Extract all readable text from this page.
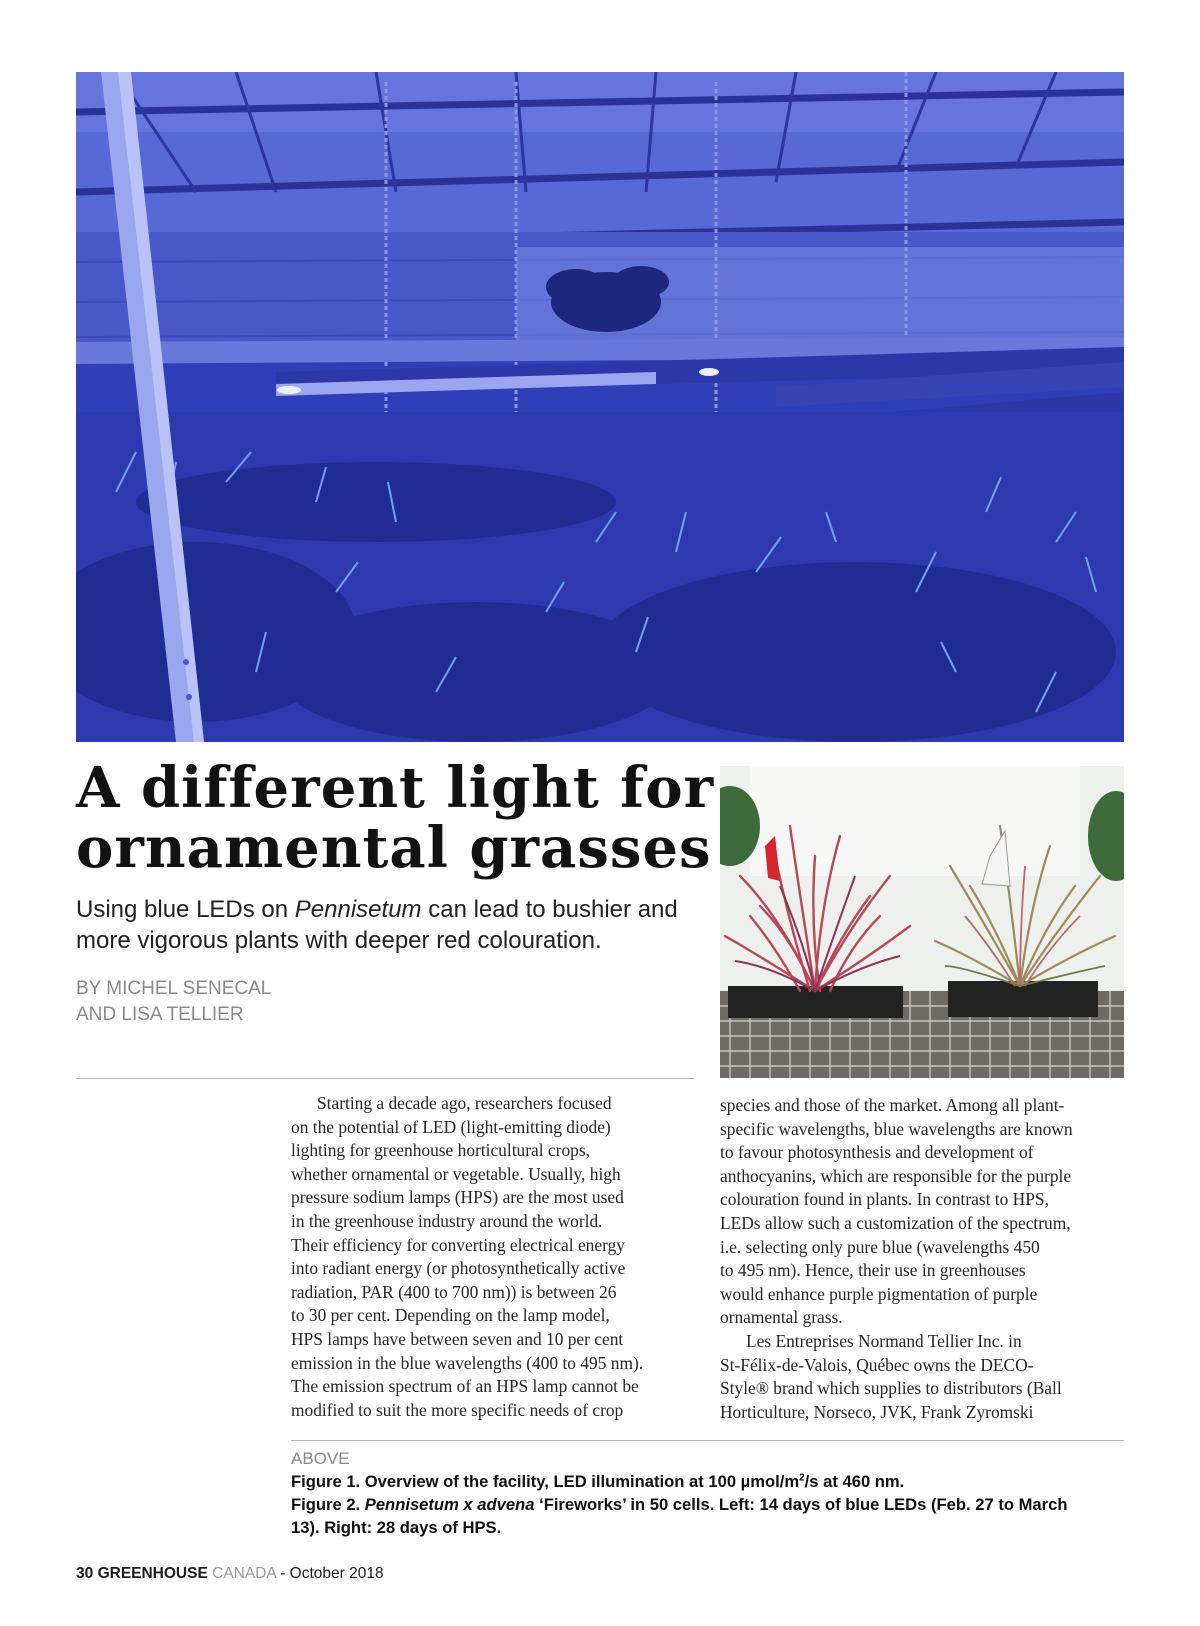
A different light for
ornamental grasses

Using blue LEDs on Pennisetum can lead to bushier and
more vigorous plants with deeper red colouration.

BY MICHEL SENECAL
AND LISA TELLIER

Starting a decade ago, researchers focused
on the potential of LED (light-emitting diode)
lighting for greenhouse horticultural crops,
whether ornamental or vegetable. Usually, high
pressure sodium lamps (HPS) are the most used
in the greenhouse industry around the world.
Their efficiency for converting electrical energy
into radiant energy (or photosynthetically active
radiation, PAR (400 to 700 nm)) is between 26
to 30 per cent. Depending on the lamp model,
HPS lamps have between seven and 10 per cent
emission in the blue wavelengths (400 to 495 nm).
The emission spectrum of an HPS lamp cannot be
modified to suit the more specific needs of crop

species and those of the market. Among all plant-
specific wavelengths, blue wavelengths are known
to favour photosynthesis and development of
anthocyanins, which are responsible for the purple
colouration found in plants. In contrast to HPS,
LEDs allow such a customization of the spectrum,
i.e. selecting only pure blue (wavelengths 450
to 495 nm). Hence, their use in greenhouses
would enhance purple pigmentation of purple
ornamental grass.

Les Entreprises Normand Tellier Inc. in
St-Félix-de-Valois, Québec owns the DECO-
Style® brand which supplies to distributors (Ball
Horticulture, Norseco, JVK, Frank Zyromski

ABOVE
Figure 1. Overview of the facility, LED illumination at 100 µmol/$m^2/s$ at 460 nm.
Figure 2. Pennisetum x advena ‘Fireworks’ in 50 cells. Left: 14 days of blue LEDs (Feb. 27 to March
13). Right: 28 days of HPS.

30 GREENHOUSE CANADA - October 2018
